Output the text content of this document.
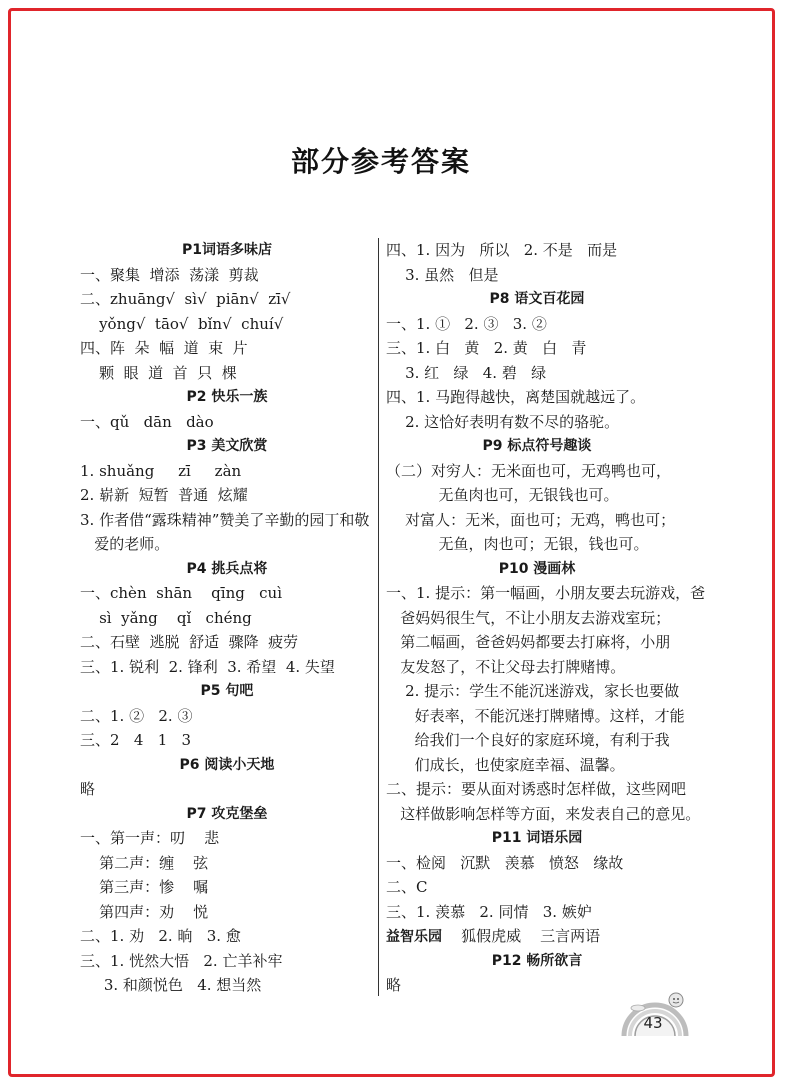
部分参考答案
P1词语多味店
一、聚集  增添  荡漾  剪裁
二、zhuāng√  sì√  piān√  zī√
yǒng√  tāo√  bǐn√  chuí√
四、阵  朵  幅  道  束  片
颗  眼  道  首  只  棵
P2 快乐一族
一、qǔ   dān   dào
P3 美文欣赏
1. shuǎng     zī     zàn
2. 崭新  短暂  普通  炫耀
3. 作者借“露珠精神”赞美了辛勤的园丁和敬
爱的老师。
P4 挑兵点将
一、chèn  shān    qīng   cuì
sì  yǎng    qǐ   chéng
二、石壁  逃脱  舒适  骤降  疲劳
三、1. 锐利  2. 锋利  3. 希望  4. 失望
P5 句吧
二、1. ②   2. ③
三、2   4   1   3
P6 阅读小天地
略
P7 攻克堡垒
一、第一声：叨    悲
第二声：缠    弦
第三声：惨    嘱
第四声：劝    悦
二、1. 劝   2. 晌   3. 愈
三、1. 恍然大悟   2. 亡羊补牢
3. 和颜悦色   4. 想当然
四、1. 因为   所以   2. 不是   而是
3. 虽然   但是
P8 语文百花园
一、1. ①   2. ③   3. ②
三、1. 白   黄   2. 黄   白   青
3. 红   绿   4. 碧   绿
四、1. 马跑得越快，离楚国就越远了。
2. 这恰好表明有数不尽的骆驼。
P9 标点符号趣谈
（二）对穷人：无米面也可，无鸡鸭也可，
无鱼肉也可，无银钱也可。
对富人：无米，面也可；无鸡，鸭也可；
无鱼，肉也可；无银，钱也可。
P10 漫画林
一、1. 提示：第一幅画，小朋友要去玩游戏，爸
爸妈妈很生气，不让小朋友去游戏室玩；
第二幅画，爸爸妈妈都要去打麻将，小朋
友发怒了，不让父母去打牌赌博。
2. 提示：学生不能沉迷游戏，家长也要做
好表率，不能沉迷打牌赌博。这样，才能
给我们一个良好的家庭环境，有利于我
们成长，也使家庭幸福、温馨。
二、提示：要从面对诱惑时怎样做，这些网吧
这样做影响怎样等方面，来发表自己的意见。
P11 词语乐园
一、检阅   沉默   羡慕   愤怒   缘故
二、C
三、1. 羡慕   2. 同情   3. 嫉妒
益智乐园    狐假虎威    三言两语
P12 畅所欲言
略
43
